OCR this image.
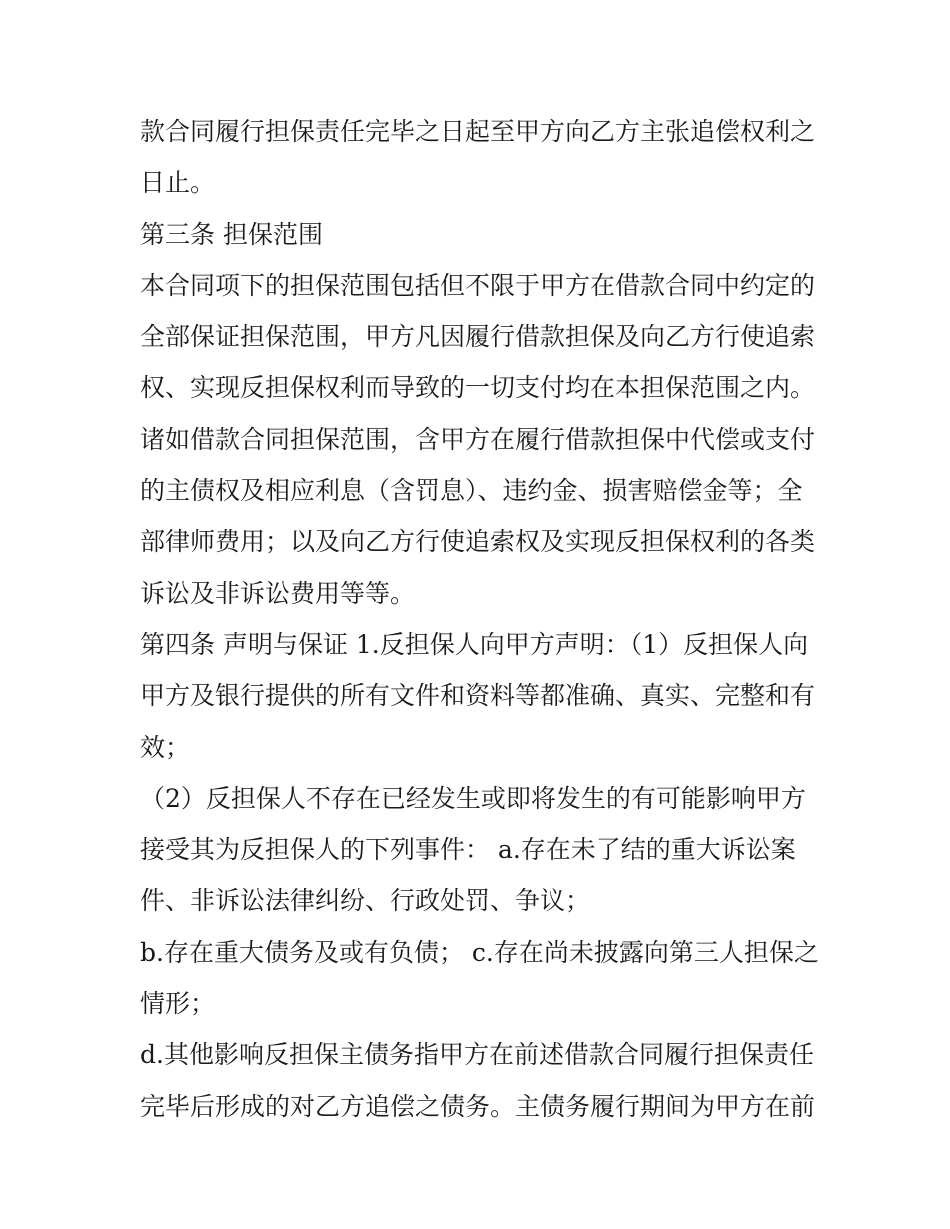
款合同履行担保责任完毕之日起至甲方向乙方主张追偿权利之
日止。
第三条 担保范围
本合同项下的担保范围包括但不限于甲方在借款合同中约定的
全部保证担保范围，甲方凡因履行借款担保及向乙方行使追索
权、实现反担保权利而导致的一切支付均在本担保范围之内。
诸如借款合同担保范围，含甲方在履行借款担保中代偿或支付
的主债权及相应利息（含罚息）、违约金、损害赔偿金等；全
部律师费用；以及向乙方行使追索权及实现反担保权利的各类
诉讼及非诉讼费用等等。
第四条 声明与保证 1.反担保人向甲方声明：（1）反担保人向
甲方及银行提供的所有文件和资料等都准确、真实、完整和有
效；
（2）反担保人不存在已经发生或即将发生的有可能影响甲方
接受其为反担保人的下列事件： a.存在未了结的重大诉讼案
件、非诉讼法律纠纷、行政处罚、争议；
b.存在重大债务及或有负债； c.存在尚未披露向第三人担保之
情形；
d.其他影响反担保主债务指甲方在前述借款合同履行担保责任
完毕后形成的对乙方追偿之债务。主债务履行期间为甲方在前
